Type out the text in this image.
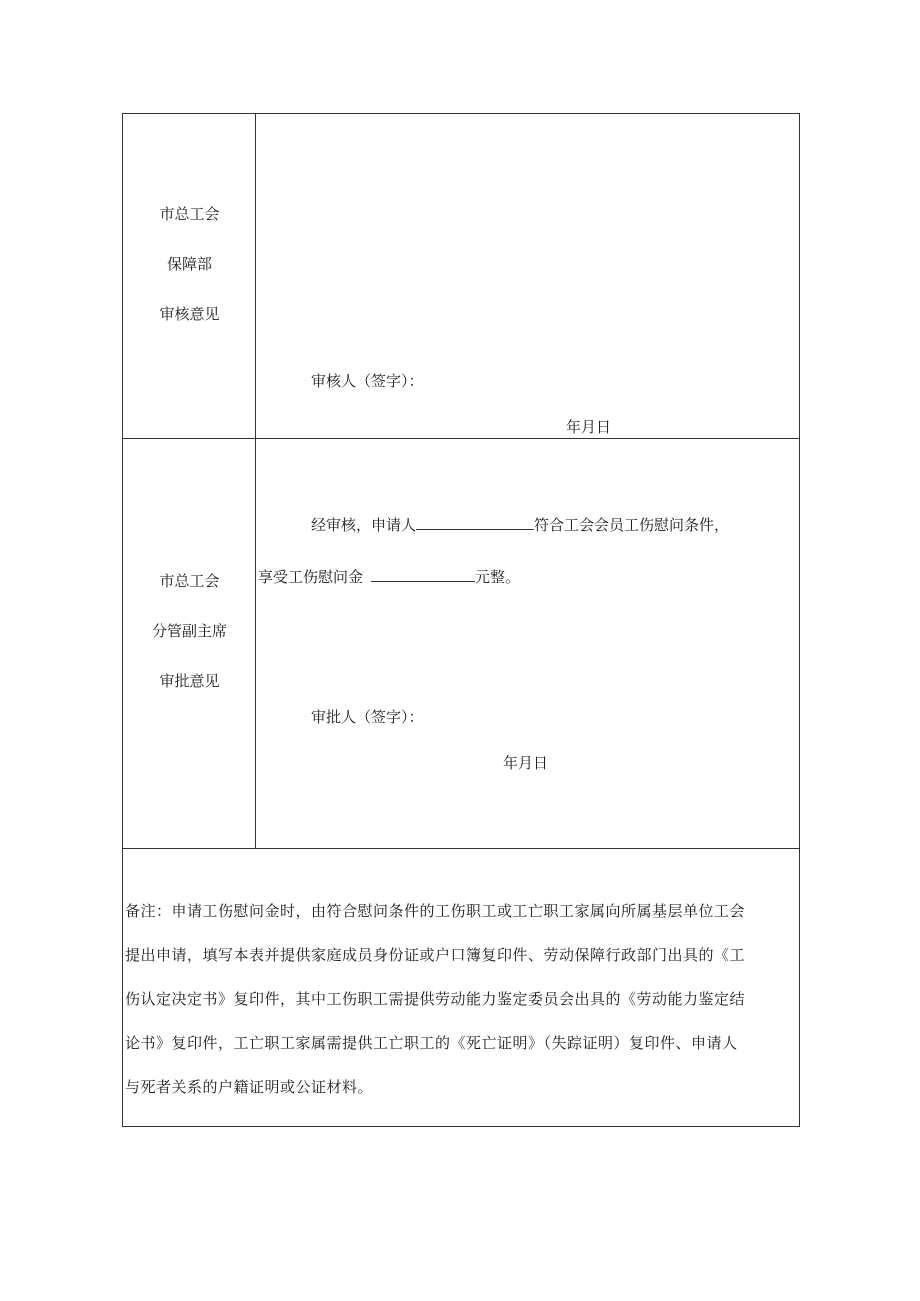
市总工会
保障部
审核意见
审核人（签字）：
年月日
市总工会
分管副主席
审批意见
经审核，申请人	符合工会会员工伤慰问条件，
享受工伤慰问金	元整。
审批人（签字）：
年月日
备注：申请工伤慰问金时，由符合慰问条件的工伤职工或工亡职工家属向所属基层单位工会
提出申请，填写本表并提供家庭成员身份证或户口簿复印件、劳动保障行政部门出具的《工
伤认定决定书》复印件，其中工伤职工需提供劳动能力鉴定委员会出具的《劳动能力鉴定结
论书》复印件，工亡职工家属需提供工亡职工的《死亡证明》（失踪证明）复印件、申请人
与死者关系的户籍证明或公证材料。
